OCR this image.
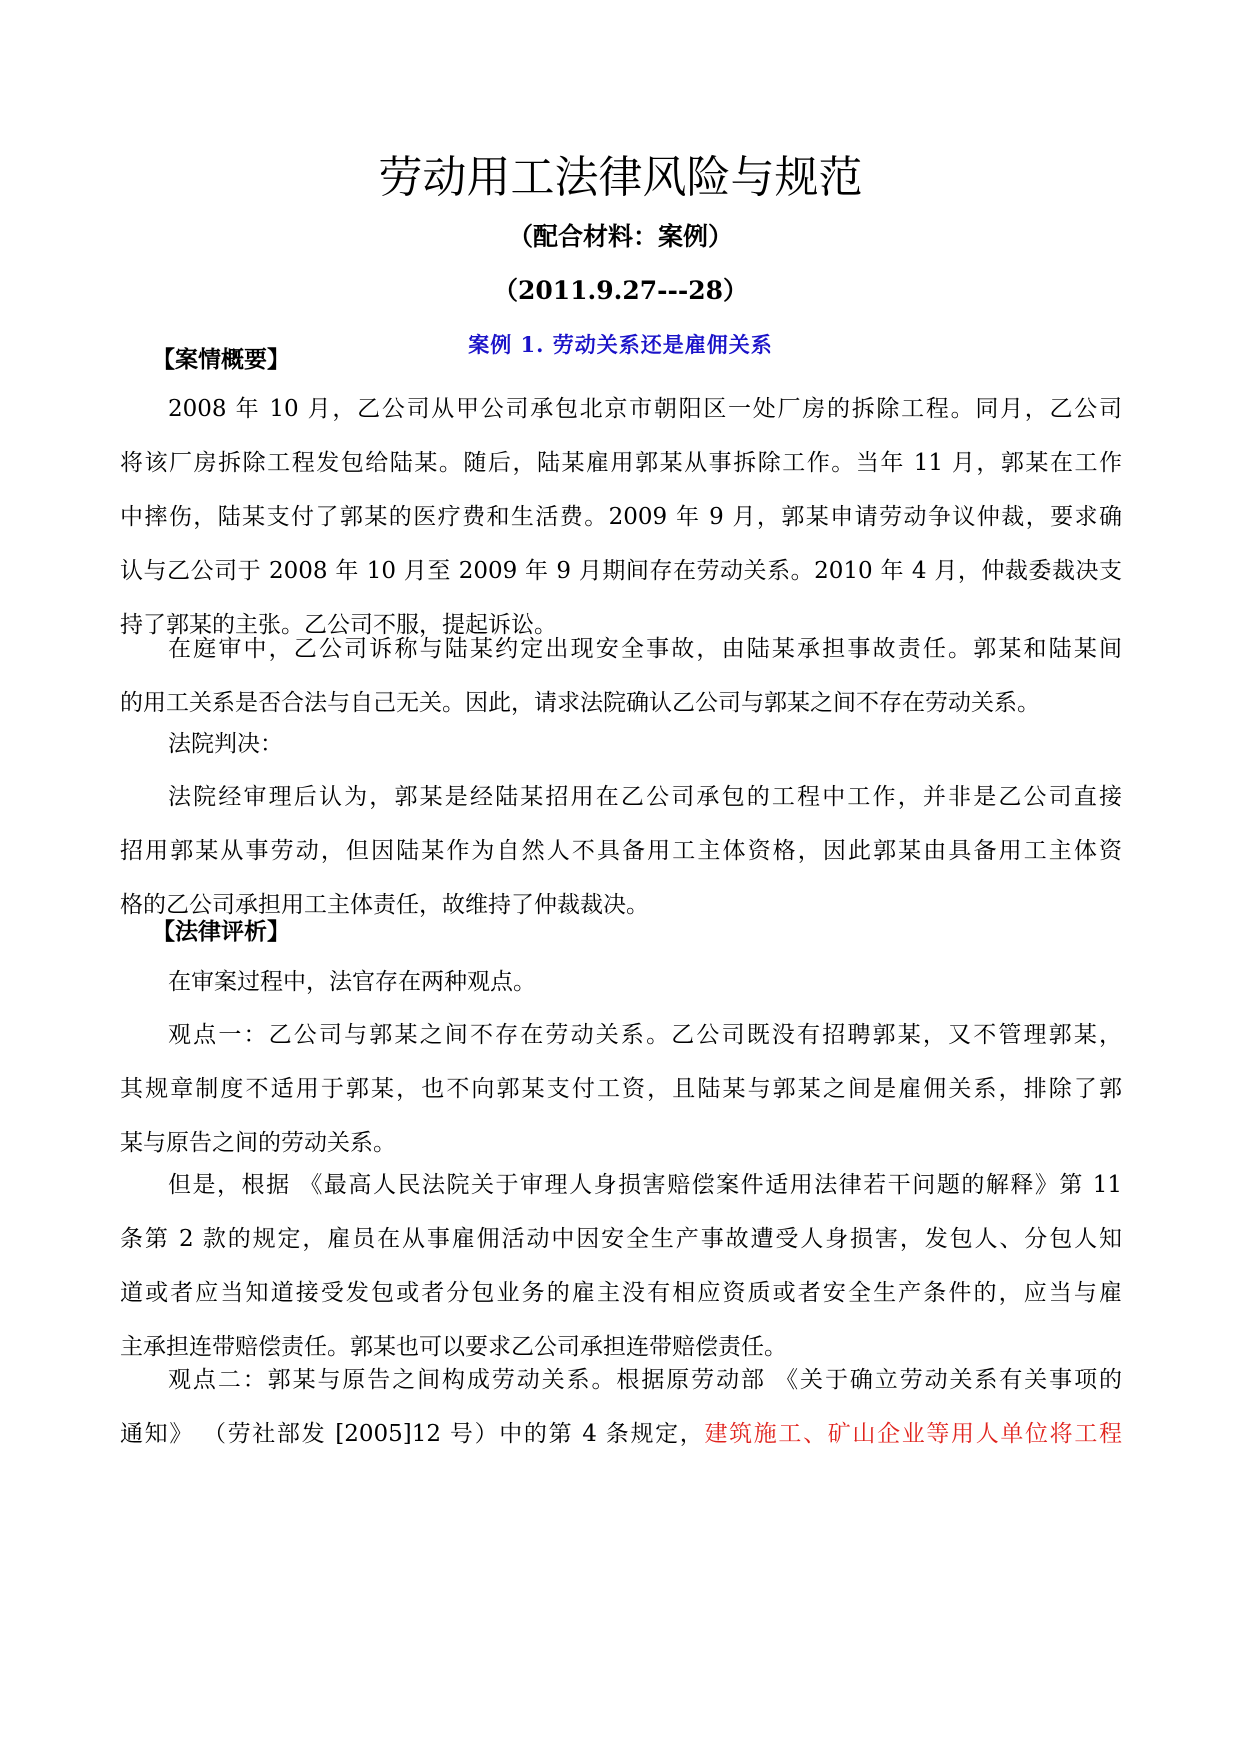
劳动用工法律风险与规范
（配合材料：案例）
（2011.9.27---28）
案例 1. 劳动关系还是雇佣关系
【案情概要】
2008 年 10 月，乙公司从甲公司承包北京市朝阳区一处厂房的拆除工程。同月，乙公司
将该厂房拆除工程发包给陆某。随后，陆某雇用郭某从事拆除工作。当年 11 月，郭某在工作
中摔伤，陆某支付了郭某的医疗费和生活费。2009 年 9 月，郭某申请劳动争议仲裁，要求确
认与乙公司于 2008 年 10 月至 2009 年 9 月期间存在劳动关系。2010 年 4 月，仲裁委裁决支
持了郭某的主张。乙公司不服，提起诉讼。
在庭审中，乙公司诉称与陆某约定出现安全事故，由陆某承担事故责任。郭某和陆某间
的用工关系是否合法与自己无关。因此，请求法院确认乙公司与郭某之间不存在劳动关系。
法院判决：
法院经审理后认为，郭某是经陆某招用在乙公司承包的工程中工作，并非是乙公司直接
招用郭某从事劳动，但因陆某作为自然人不具备用工主体资格，因此郭某由具备用工主体资
格的乙公司承担用工主体责任，故维持了仲裁裁决。
【法律评析】
在审案过程中，法官存在两种观点。
观点一：乙公司与郭某之间不存在劳动关系。乙公司既没有招聘郭某，又不管理郭某，
其规章制度不适用于郭某，也不向郭某支付工资，且陆某与郭某之间是雇佣关系，排除了郭
某与原告之间的劳动关系。
但是，根据 《最高人民法院关于审理人身损害赔偿案件适用法律若干问题的解释》第 11
条第 2 款的规定，雇员在从事雇佣活动中因安全生产事故遭受人身损害，发包人、分包人知
道或者应当知道接受发包或者分包业务的雇主没有相应资质或者安全生产条件的，应当与雇
主承担连带赔偿责任。郭某也可以要求乙公司承担连带赔偿责任。
观点二：郭某与原告之间构成劳动关系。根据原劳动部 《关于确立劳动关系有关事项的
通知》 （劳社部发 [2005]12 号）中的第 4 条规定，建筑施工、矿山企业等用人单位将工程
